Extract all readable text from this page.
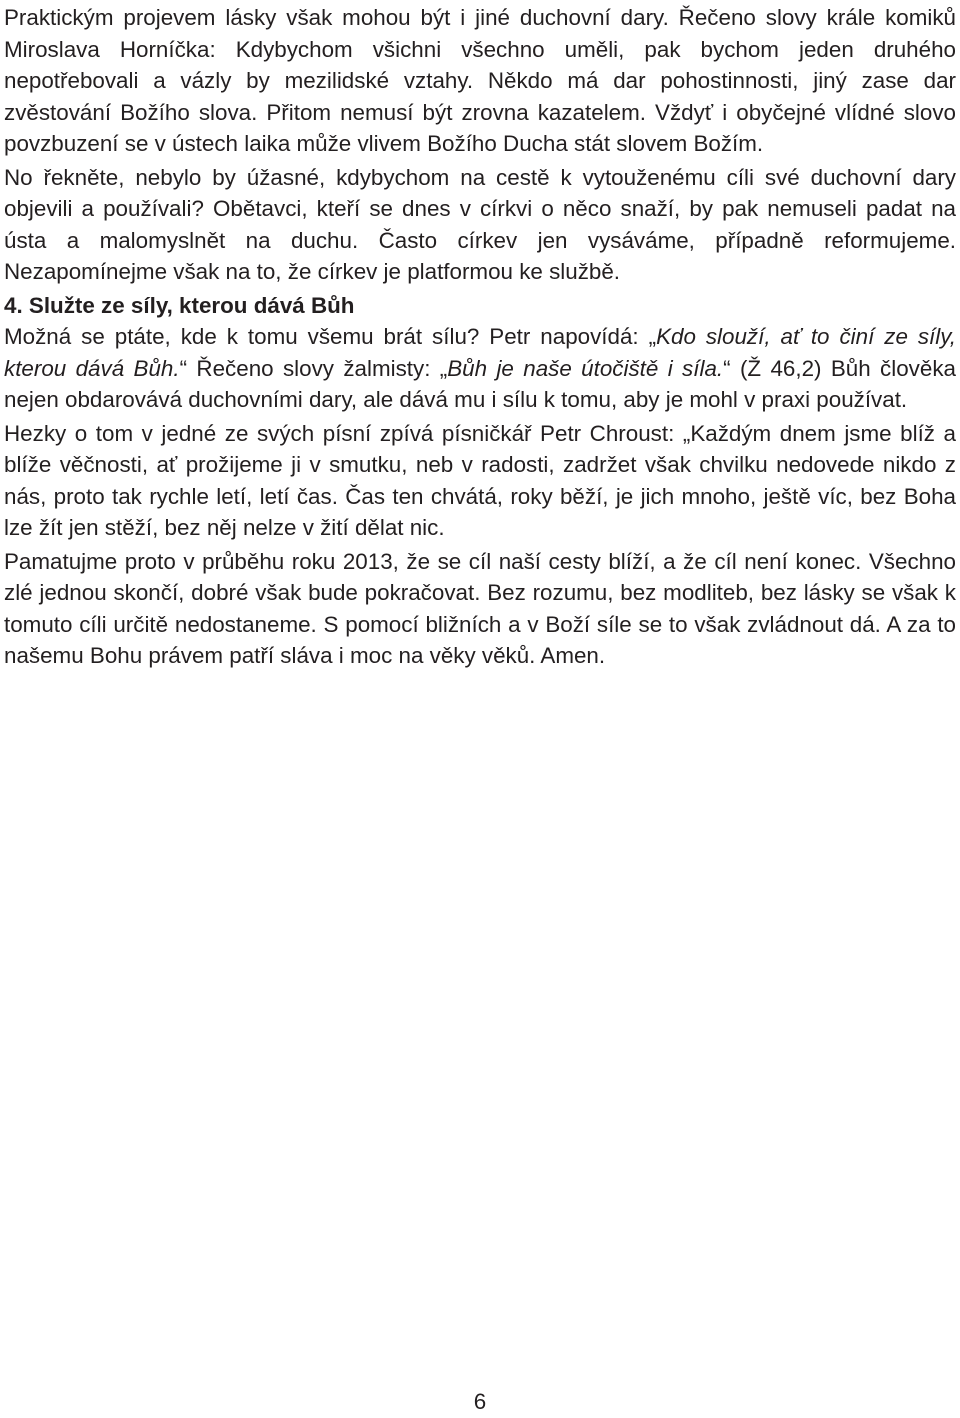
Praktickým projevem lásky však mohou být i jiné duchovní dary. Řečeno slovy krále komiků Miroslava Horníčka: Kdybychom všichni všechno uměli, pak bychom jeden druhého nepotřebovali a vázly by mezilidské vztahy. Někdo má dar pohostinnosti, jiný zase dar zvěstování Božího slova. Přitom nemusí být zrovna kazatelem. Vždyť i obyčejné vlídné slovo povzbuzení se v ústech laika může vlivem Božího Ducha stát slovem Božím.

No řekněte, nebylo by úžasné, kdybychom na cestě k vytouženému cíli své duchovní dary objevili a používali? Obětavci, kteří se dnes v církvi o něco snaží, by pak nemuseli padat na ústa a malomyslnět na duchu. Často církev jen vysáváme, případně reformujeme. Nezapomínejme však na to, že církev je platformou ke službě.

4. Služte ze síly, kterou dává Bůh

Možná se ptáte, kde k tomu všemu brát sílu? Petr napovídá: „Kdo slouží, ať to činí ze síly, kterou dává Bůh.“ Řečeno slovy žalmisty: „Bůh je naše útočiště i síla.“ (Ž 46,2) Bůh člověka nejen obdarovává duchovními dary, ale dává mu i sílu k tomu, aby je mohl v praxi používat.

Hezky o tom v jedné ze svých písní zpívá písničkář Petr Chroust: „Každým dnem jsme blíž a blíže věčnosti, ať prožijeme ji v smutku, neb v radosti, zadržet však chvilku nedovede nikdo z nás, proto tak rychle letí, letí čas. Čas ten chvátá, roky běží, je jich mnoho, ještě víc, bez Boha lze žít jen stěží, bez něj nelze v žití dělat nic.

Pamatujme proto v průběhu roku 2013, že se cíl naší cesty blíží, a že cíl není konec. Všechno zlé jednou skončí, dobré však bude pokračovat. Bez rozumu, bez modliteb, bez lásky se však k tomuto cíli určitě nedostaneme. S pomocí bližních a v Boží síle se to však zvládnout dá. A za to našemu Bohu právem patří sláva i moc na věky věků. Amen.

6
